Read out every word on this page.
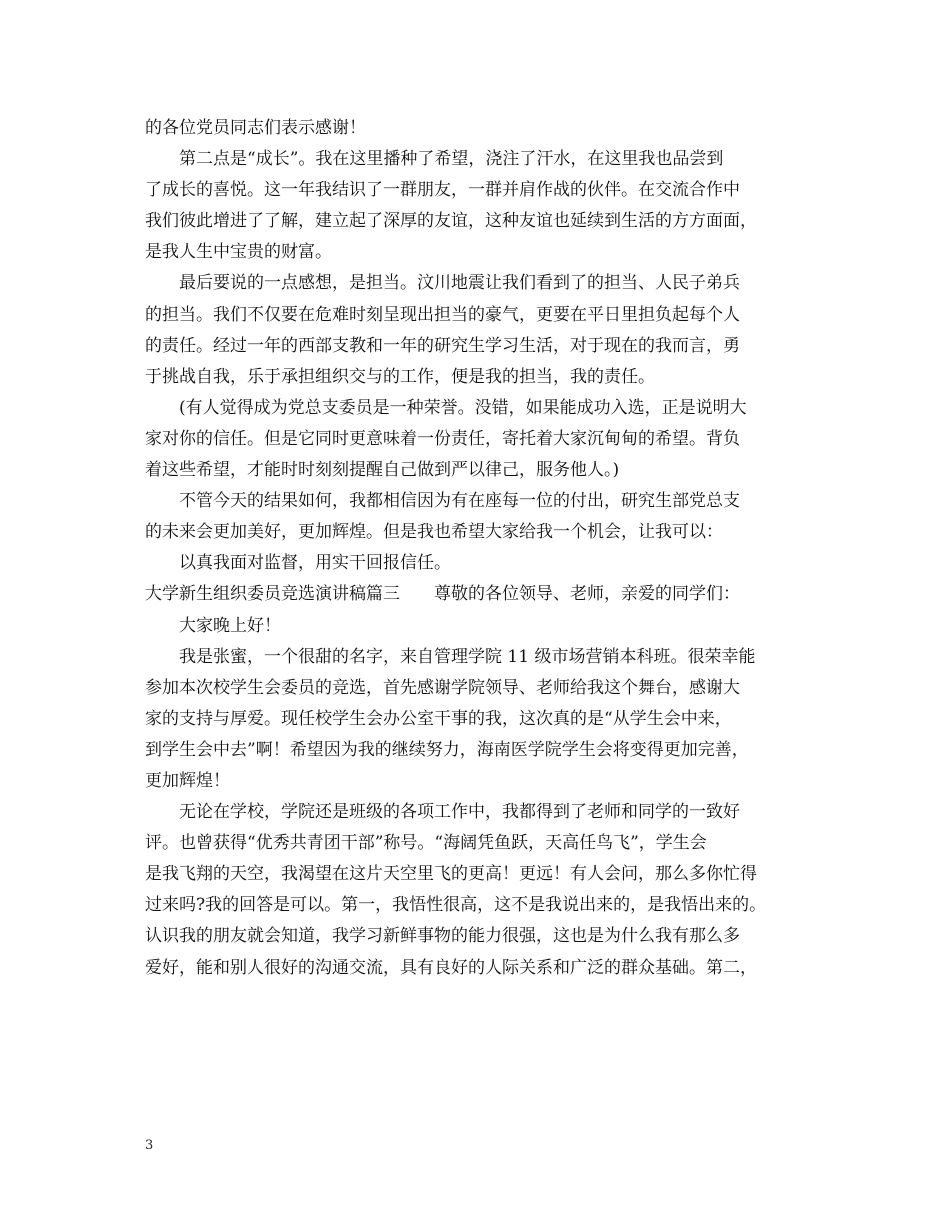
的各位党员同志们表示感谢！
第二点是“成长”。我在这里播种了希望，浇注了汗水，在这里我也品尝到
了成长的喜悦。这一年我结识了一群朋友，一群并肩作战的伙伴。在交流合作中
我们彼此增进了了解，建立起了深厚的友谊，这种友谊也延续到生活的方方面面，
是我人生中宝贵的财富。
最后要说的一点感想，是担当。汶川地震让我们看到了的担当、人民子弟兵
的担当。我们不仅要在危难时刻呈现出担当的豪气，更要在平日里担负起每个人
的责任。经过一年的西部支教和一年的研究生学习生活，对于现在的我而言，勇
于挑战自我，乐于承担组织交与的工作，便是我的担当，我的责任。
(有人觉得成为党总支委员是一种荣誉。没错，如果能成功入选，正是说明大
家对你的信任。但是它同时更意味着一份责任，寄托着大家沉甸甸的希望。背负
着这些希望，才能时时刻刻提醒自己做到严以律己，服务他人。)
不管今天的结果如何，我都相信因为有在座每一位的付出，研究生部党总支
的未来会更加美好，更加辉煌。但是我也希望大家给我一个机会，让我可以：
以真我面对监督，用实干回报信任。
大学新生组织委员竞选演讲稿篇三 尊敬的各位领导、老师，亲爱的同学们：
大家晚上好！
我是张蜜，一个很甜的名字，来自管理学院 11 级市场营销本科班。很荣幸能
参加本次校学生会委员的竞选，首先感谢学院领导、老师给我这个舞台，感谢大
家的支持与厚爱。现任校学生会办公室干事的我，这次真的是“从学生会中来，
到学生会中去”啊！希望因为我的继续努力，海南医学院学生会将变得更加完善，
更加辉煌！
无论在学校，学院还是班级的各项工作中，我都得到了老师和同学的一致好
评。也曾获得“优秀共青团干部”称号。“海阔凭鱼跃，天高任鸟飞”，学生会
是我飞翔的天空，我渴望在这片天空里飞的更高！更远！有人会问，那么多你忙得
过来吗?我的回答是可以。第一，我悟性很高，这不是我说出来的，是我悟出来的。
认识我的朋友就会知道，我学习新鲜事物的能力很强，这也是为什么我有那么多
爱好，能和别人很好的沟通交流，具有良好的人际关系和广泛的群众基础。第二，
3
